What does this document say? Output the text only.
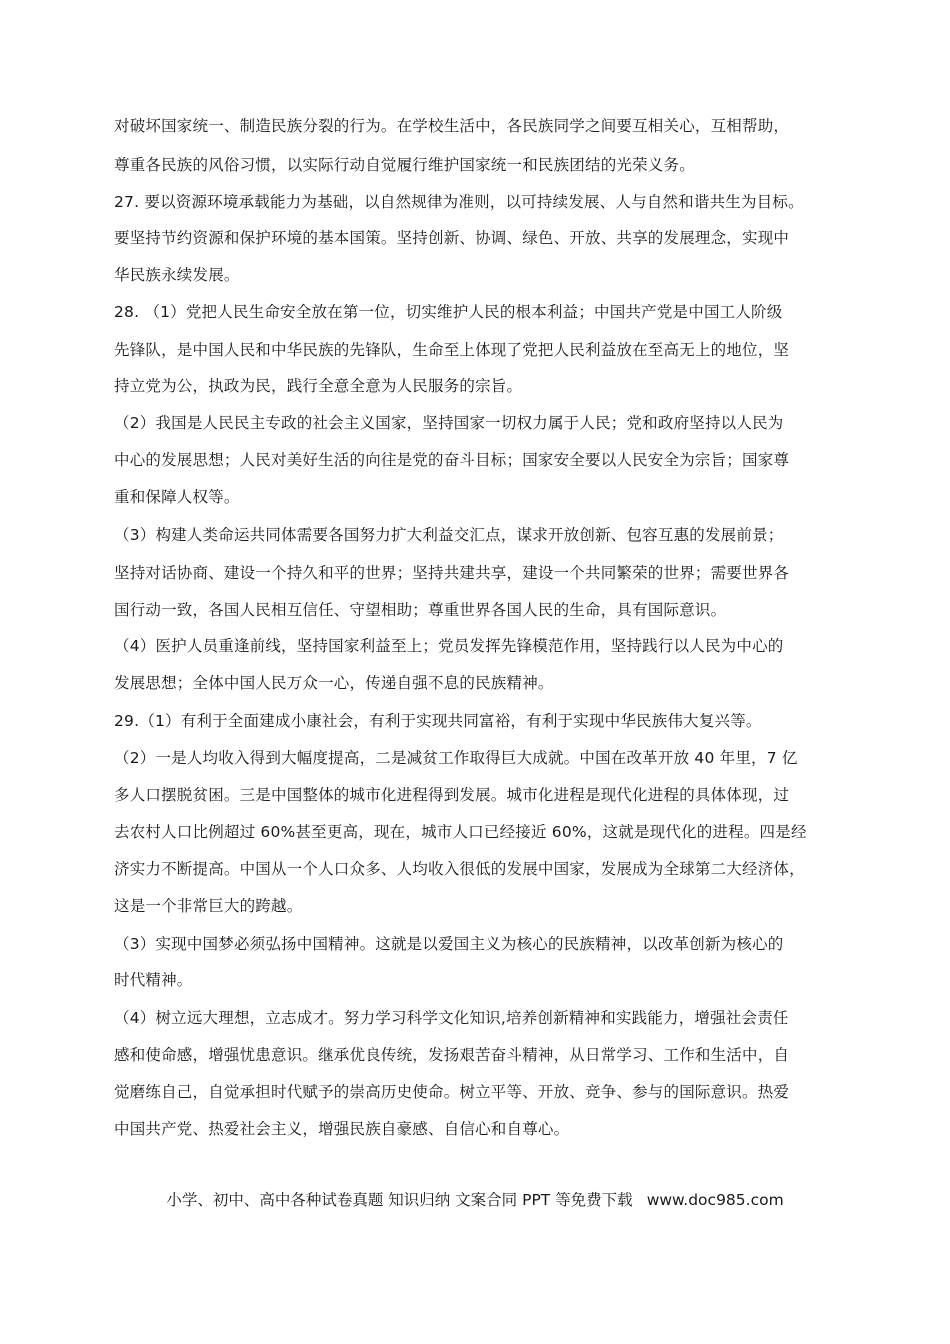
对破坏国家统一、制造民族分裂的行为。在学校生活中，各民族同学之间要互相关心，互相帮助，
尊重各民族的风俗习惯，以实际行动自觉履行维护国家统一和民族团结的光荣义务。
27. 要以资源环境承载能力为基础，以自然规律为准则，以可持续发展、人与自然和谐共生为目标。
要坚持节约资源和保护环境的基本国策。坚持创新、协调、绿色、开放、共享的发展理念，实现中
华民族永续发展。
28. （1）党把人民生命安全放在第一位，切实维护人民的根本利益；中国共产党是中国工人阶级
先锋队，是中国人民和中华民族的先锋队，生命至上体现了党把人民利益放在至高无上的地位，坚
持立党为公，执政为民，践行全意全意为人民服务的宗旨。
（2）我国是人民民主专政的社会主义国家，坚持国家一切权力属于人民；党和政府坚持以人民为
中心的发展思想；人民对美好生活的向往是党的奋斗目标；国家安全要以人民安全为宗旨；国家尊
重和保障人权等。
（3）构建人类命运共同体需要各国努力扩大利益交汇点，谋求开放创新、包容互惠的发展前景；
坚持对话协商、建设一个持久和平的世界；坚持共建共享，建设一个共同繁荣的世界；需要世界各
国行动一致，各国人民相互信任、守望相助；尊重世界各国人民的生命，具有国际意识。
（4）医护人员重逢前线，坚持国家利益至上；党员发挥先锋模范作用，坚持践行以人民为中心的
发展思想；全体中国人民万众一心，传递自强不息的民族精神。
29.（1）有利于全面建成小康社会，有利于实现共同富裕，有利于实现中华民族伟大复兴等。
（2）一是人均收入得到大幅度提高，二是减贫工作取得巨大成就。中国在改革开放 40 年里，7 亿
多人口摆脱贫困。三是中国整体的城市化进程得到发展。城市化进程是现代化进程的具体体现，过
去农村人口比例超过 60%甚至更高，现在，城市人口已经接近 60%，这就是现代化的进程。四是经
济实力不断提高。中国从一个人口众多、人均收入很低的发展中国家，发展成为全球第二大经济体，
这是一个非常巨大的跨越。
（3）实现中国梦必须弘扬中国精神。这就是以爱国主义为核心的民族精神，以改革创新为核心的
时代精神。
（4）树立远大理想，立志成才。努力学习科学文化知识,培养创新精神和实践能力，增强社会责任
感和使命感，增强忧患意识。继承优良传统，发扬艰苦奋斗精神，从日常学习、工作和生活中，自
觉磨练自己，自觉承担时代赋予的崇高历史使命。树立平等、开放、竞争、参与的国际意识。热爱
中国共产党、热爱社会主义，增强民族自豪感、自信心和自尊心。
小学、初中、高中各种试卷真题 知识归纳 文案合同 PPT 等免费下载 www.doc985.com
